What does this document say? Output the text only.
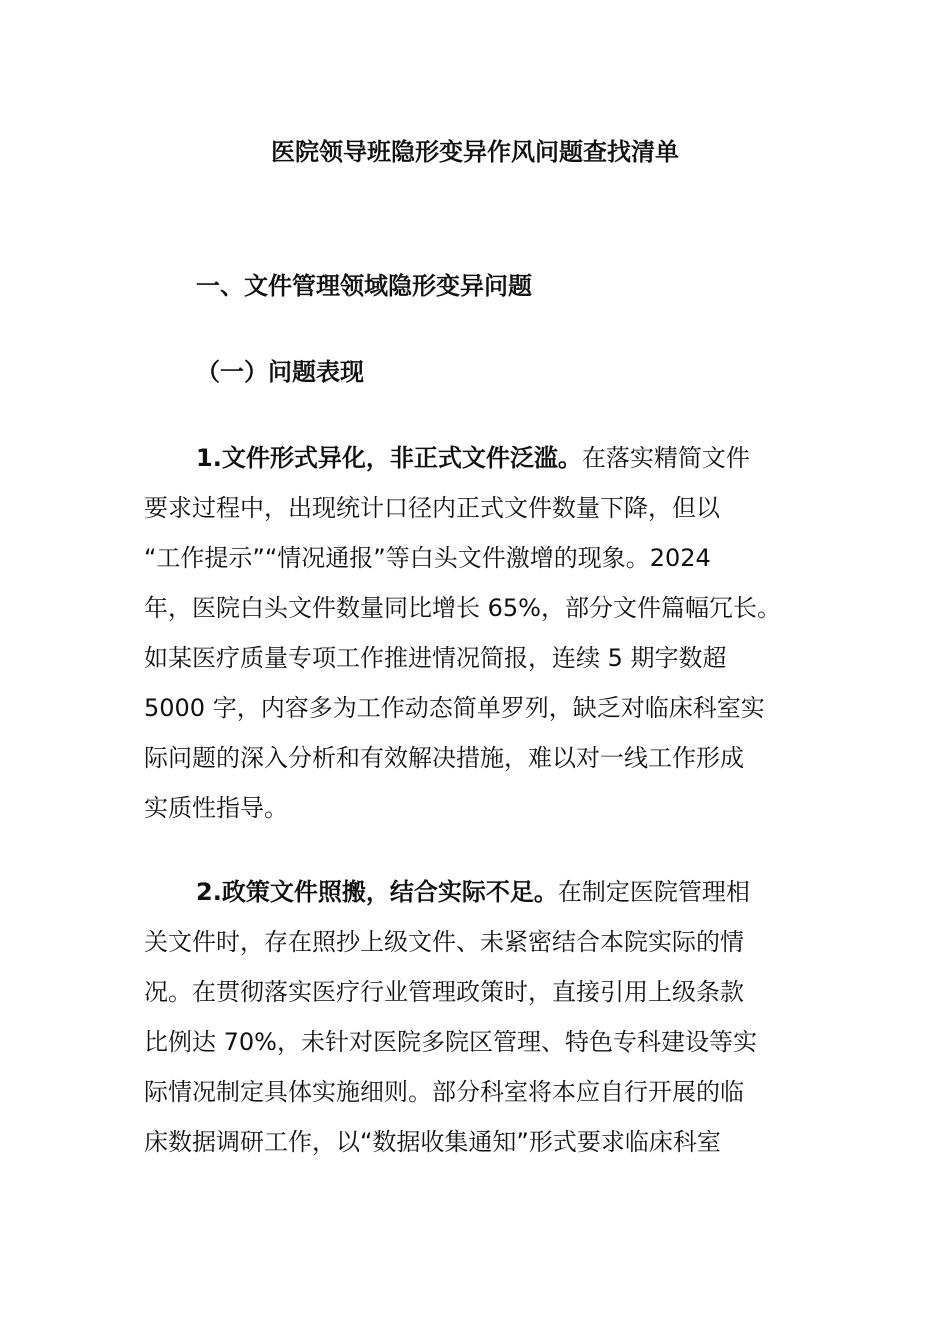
医院领导班隐形变异作风问题查找清单
一、文件管理领域隐形变异问题
（一）问题表现
1.文件形式异化，非正式文件泛滥。在落实精简文件
要求过程中，出现统计口径内正式文件数量下降，但以
“工作提示”“情况通报”等白头文件激增的现象。2024
年，医院白头文件数量同比增长 65%，部分文件篇幅冗长。
如某医疗质量专项工作推进情况简报，连续 5 期字数超
5000 字，内容多为工作动态简单罗列，缺乏对临床科室实
际问题的深入分析和有效解决措施，难以对一线工作形成
实质性指导。
2.政策文件照搬，结合实际不足。在制定医院管理相
关文件时，存在照抄上级文件、未紧密结合本院实际的情
况。在贯彻落实医疗行业管理政策时，直接引用上级条款
比例达 70%，未针对医院多院区管理、特色专科建设等实
际情况制定具体实施细则。部分科室将本应自行开展的临
床数据调研工作，以“数据收集通知”形式要求临床科室
